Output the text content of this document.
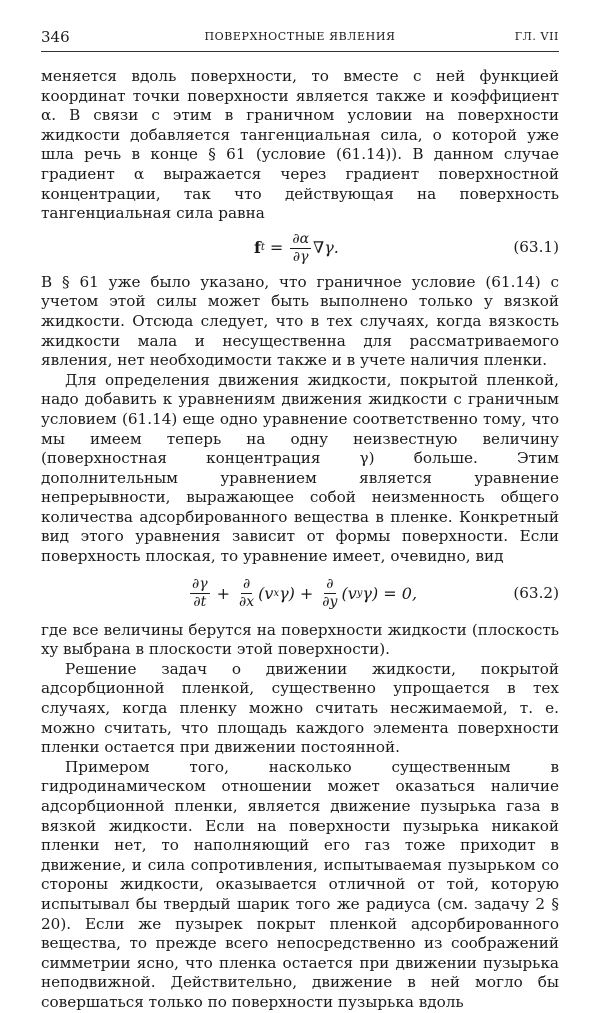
346	ПОВЕРХНОСТНЫЕ ЯВЛЕНИЯ	ГЛ. VII

меняется вдоль поверхности, то вместе с ней функцией координат точки поверхности является также и коэффициент α. В связи с этим в граничном условии на поверхности жидкости добавляется тангенциальная сила, о которой уже шла речь в конце § 61 (условие (61.14)). В данном случае градиент α выражается через градиент поверхностной концентрации, так что действующая на поверхность тангенциальная сила равна

f $t = \frac{\partial\alpha}{\partial\gamma} \nabla\gamma$.	(63.1)

В § 61 уже было указано, что граничное условие (61.14) с учетом этой силы может быть выполнено только у вязкой жидкости. Отсюда следует, что в тех случаях, когда вязкость жидкости мала и несущественна для рассматриваемого явления, нет необходимости также и в учете наличия пленки.

Для определения движения жидкости, покрытой пленкой, надо добавить к уравнениям движения жидкости с граничным условием (61.14) еще одно уравнение соответственно тому, что мы имеем теперь на одну неизвестную величину (поверхностная концентрация γ) больше. Этим дополнительным уравнением является уравнение непрерывности, выражающее собой неизменность общего количества адсорбированного вещества в пленке. Конкретный вид этого уравнения зависит от формы поверхности. Если поверхность плоская, то уравнение имеет, очевидно, вид

$\frac{\partial\gamma}{\partial t} + \frac{\partial}{\partial x} (v$ x $\gamma) + \frac{\partial}{\partial y} (v$ y γ) = 0,	(63.2)

где все величины берутся на поверхности жидкости (плоскость xy выбрана в плоскости этой поверхности).

Решение задач о движении жидкости, покрытой адсорбционной пленкой, существенно упрощается в тех случаях, когда пленку можно считать несжимаемой, т. е. можно считать, что площадь каждого элемента поверхности пленки остается при движении постоянной.

Примером того, насколько существенным в гидродинамическом отношении может оказаться наличие адсорбционной пленки, является движение пузырька газа в вязкой жидкости. Если на поверхности пузырька никакой пленки нет, то наполняющий его газ тоже приходит в движение, и сила сопротивления, испытываемая пузырьком со стороны жидкости, оказывается отличной от той, которую испытывал бы твердый шарик того же радиуса (см. задачу 2 § 20). Если же пузырек покрыт пленкой адсорбированного вещества, то прежде всего непосредственно из соображений симметрии ясно, что пленка остается при движении пузырька неподвижной. Действительно, движение в ней могло бы совершаться только по поверхности пузырька вдоль
